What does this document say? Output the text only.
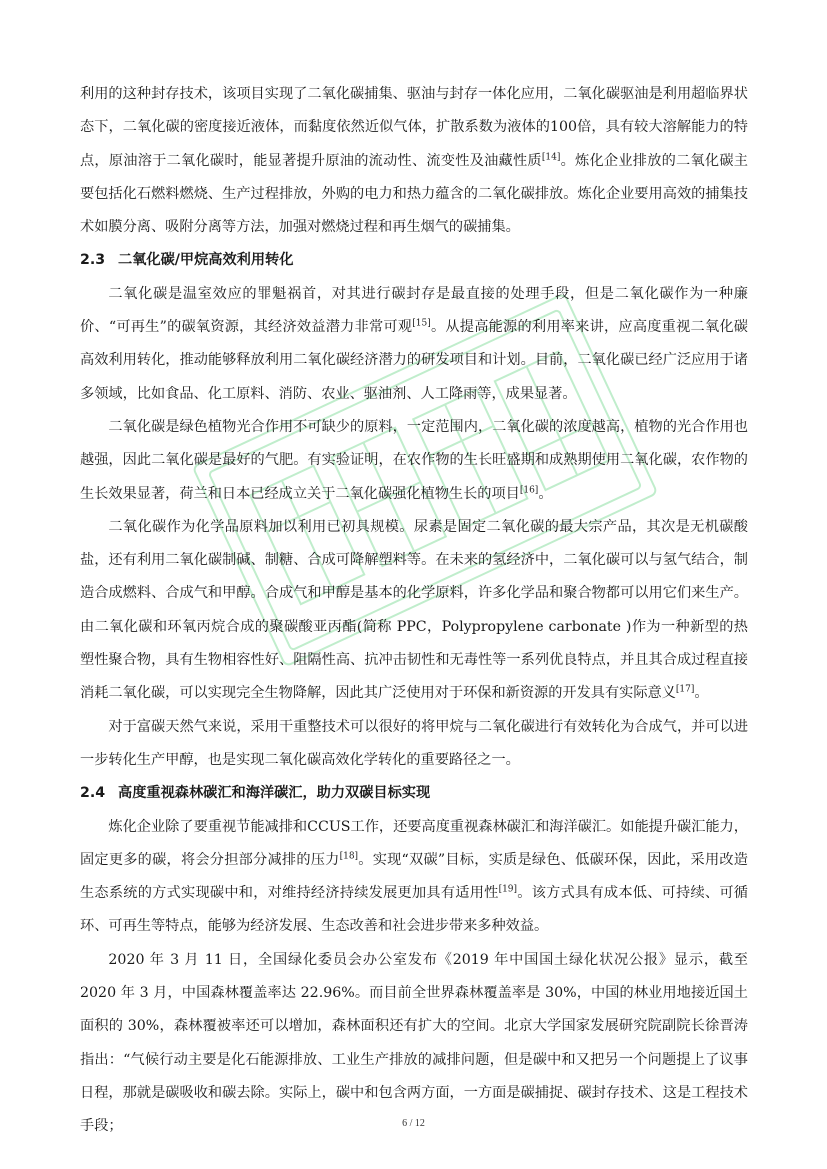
利用的这种封存技术，该项目实现了二氧化碳捕集、驱油与封存一体化应用，二氧化碳驱油是利用超临界状态下，二氧化碳的密度接近液体，而黏度依然近似气体，扩散系数为液体的100倍，具有较大溶解能力的特点，原油溶于二氧化碳时，能显著提升原油的流动性、流变性及油藏性质[14]。炼化企业排放的二氧化碳主要包括化石燃料燃烧、生产过程排放，外购的电力和热力蕴含的二氧化碳排放。炼化企业要用高效的捕集技术如膜分离、吸附分离等方法，加强对燃烧过程和再生烟气的碳捕集。

2.3 二氧化碳/甲烷高效利用转化

二氧化碳是温室效应的罪魁祸首，对其进行碳封存是最直接的处理手段，但是二氧化碳作为一种廉价、“可再生”的碳氧资源，其经济效益潜力非常可观[15]。从提高能源的利用率来讲，应高度重视二氧化碳高效利用转化，推动能够释放利用二氧化碳经济潜力的研发项目和计划。目前，二氧化碳已经广泛应用于诸多领域，比如食品、化工原料、消防、农业、驱油剂、人工降雨等，成果显著。

二氧化碳是绿色植物光合作用不可缺少的原料，一定范围内，二氧化碳的浓度越高，植物的光合作用也越强，因此二氧化碳是最好的气肥。有实验证明，在农作物的生长旺盛期和成熟期使用二氧化碳，农作物的生长效果显著，荷兰和日本已经成立关于二氧化碳强化植物生长的项目[16]。

二氧化碳作为化学品原料加以利用已初具规模。尿素是固定二氧化碳的最大宗产品，其次是无机碳酸盐，还有利用二氧化碳制碱、制糖、合成可降解塑料等。在未来的氢经济中，二氧化碳可以与氢气结合，制造合成燃料、合成气和甲醇。合成气和甲醇是基本的化学原料，许多化学品和聚合物都可以用它们来生产。由二氧化碳和环氧丙烷合成的聚碳酸亚丙酯(简称 PPC，Polypropylene carbonate )作为一种新型的热塑性聚合物，具有生物相容性好、阻隔性高、抗冲击韧性和无毒性等一系列优良特点，并且其合成过程直接消耗二氧化碳，可以实现完全生物降解，因此其广泛使用对于环保和新资源的开发具有实际意义[17]。

对于富碳天然气来说，采用干重整技术可以很好的将甲烷与二氧化碳进行有效转化为合成气，并可以进一步转化生产甲醇，也是实现二氧化碳高效化学转化的重要路径之一。

2.4 高度重视森林碳汇和海洋碳汇，助力双碳目标实现

炼化企业除了要重视节能减排和CCUS工作，还要高度重视森林碳汇和海洋碳汇。如能提升碳汇能力，固定更多的碳，将会分担部分减排的压力[18]。实现“双碳”目标，实质是绿色、低碳环保，因此，采用改造生态系统的方式实现碳中和，对维持经济持续发展更加具有适用性[19]。该方式具有成本低、可持续、可循环、可再生等特点，能够为经济发展、生态改善和社会进步带来多种效益。

2020 年 3 月 11 日，全国绿化委员会办公室发布《2019 年中国国土绿化状况公报》显示，截至 2020 年 3 月，中国森林覆盖率达 22.96%。而目前全世界森林覆盖率是 30%，中国的林业用地接近国土面积的 30%，森林覆被率还可以增加，森林面积还有扩大的空间。北京大学国家发展研究院副院长徐晋涛指出：“气候行动主要是化石能源排放、工业生产排放的减排问题，但是碳中和又把另一个问题提上了议事日程，那就是碳吸收和碳去除。实际上，碳中和包含两方面，一方面是碳捕捉、碳封存技术、这是工程技术手段；	6 / 12
